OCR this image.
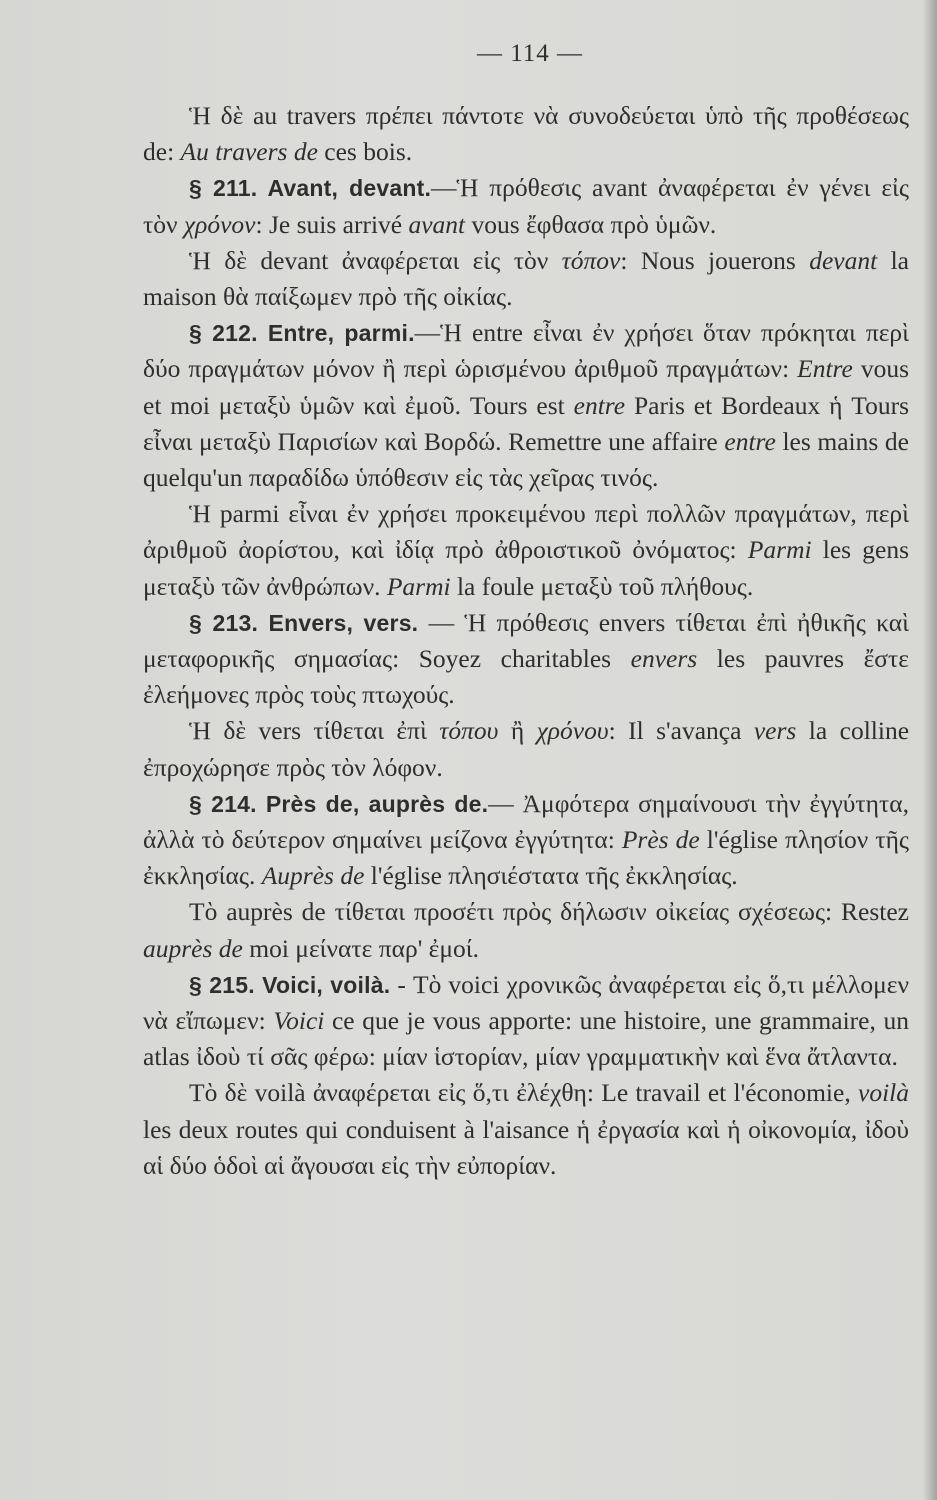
— 114 —

Ἡ δὲ au travers πρέπει πάντοτε νὰ συνοδεύεται ὑπὸ τῆς προθέσεως de: Au travers de ces bois.

§ 211. Avant, devant.—Ἡ πρόθεσις avant ἀναφέρεται ἐν γένει εἰς τὸν χρόνον: Je suis arrivé avant vous ἔφθασα πρὸ ὑμῶν.

Ἡ δὲ devant ἀναφέρεται εἰς τὸν τόπον: Nous jouerons devant la maison θὰ παίξωμεν πρὸ τῆς οἰκίας.

§ 212. Entre, parmi.—Ἡ entre εἶναι ἐν χρήσει ὅταν πρόκηται περὶ δύο πραγμάτων μόνον ἢ περὶ ὡρισμένου ἀριθμοῦ πραγμάτων: Entre vous et moi μεταξὺ ὑμῶν καὶ ἐμοῦ. Tours est entre Paris et Bordeaux ἡ Tours εἶναι μεταξὺ Παρισίων καὶ Βορδώ. Remettre une affaire entre les mains de quelqu'un παραδίδω ὑπόθεσιν εἰς τὰς χεῖρας τινός.

Ἡ parmi εἶναι ἐν χρήσει προκειμένου περὶ πολλῶν πραγμάτων, περὶ ἀριθμοῦ ἀορίστου, καὶ ἰδίᾳ πρὸ ἀθροιστικοῦ ὀνόματος: Parmi les gens μεταξὺ τῶν ἀνθρώπων. Parmi la foule μεταξὺ τοῦ πλήθους.

§ 213. Envers, vers. — Ἡ πρόθεσις envers τίθεται ἐπὶ ἠθικῆς καὶ μεταφορικῆς σημασίας: Soyez charitables envers les pauvres ἔστε ἐλεήμονες πρὸς τοὺς πτωχούς.

Ἡ δὲ vers τίθεται ἐπὶ τόπου ἢ χρόνου: Il s'avança vers la colline ἐπροχώρησε πρὸς τὸν λόφον.

§ 214. Près de, auprès de.— Ἀμφότερα σημαίνουσι τὴν ἐγγύτητα, ἀλλὰ τὸ δεύτερον σημαίνει μείζονα ἐγγύτητα: Près de l'église πλησίον τῆς ἐκκλησίας. Auprès de l'église πλησιέστατα τῆς ἐκκλησίας.

Τὸ auprès de τίθεται προσέτι πρὸς δήλωσιν οἰκείας σχέσεως: Restez auprès de moi μείνατε παρ' ἐμοί.

§ 215. Voici, voilà. - Τὸ voici χρονικῶς ἀναφέρεται εἰς ὅ,τι μέλλομεν νὰ εἴπωμεν: Voici ce que je vous apporte: une histoire, une grammaire, un atlas ἰδοὺ τί σᾶς φέρω: μίαν ἱστορίαν, μίαν γραμματικὴν καὶ ἕνα ἄτλαντα.

Τὸ δὲ voilà ἀναφέρεται εἰς ὅ,τι ἐλέχθη: Le travail et l'économie, voilà les deux routes qui conduisent à l'aisance ἡ ἐργασία καὶ ἡ οἰκονομία, ἰδοὺ αἱ δύο ὁδοὶ αἱ ἄγουσαι εἰς τὴν εὐπορίαν.
